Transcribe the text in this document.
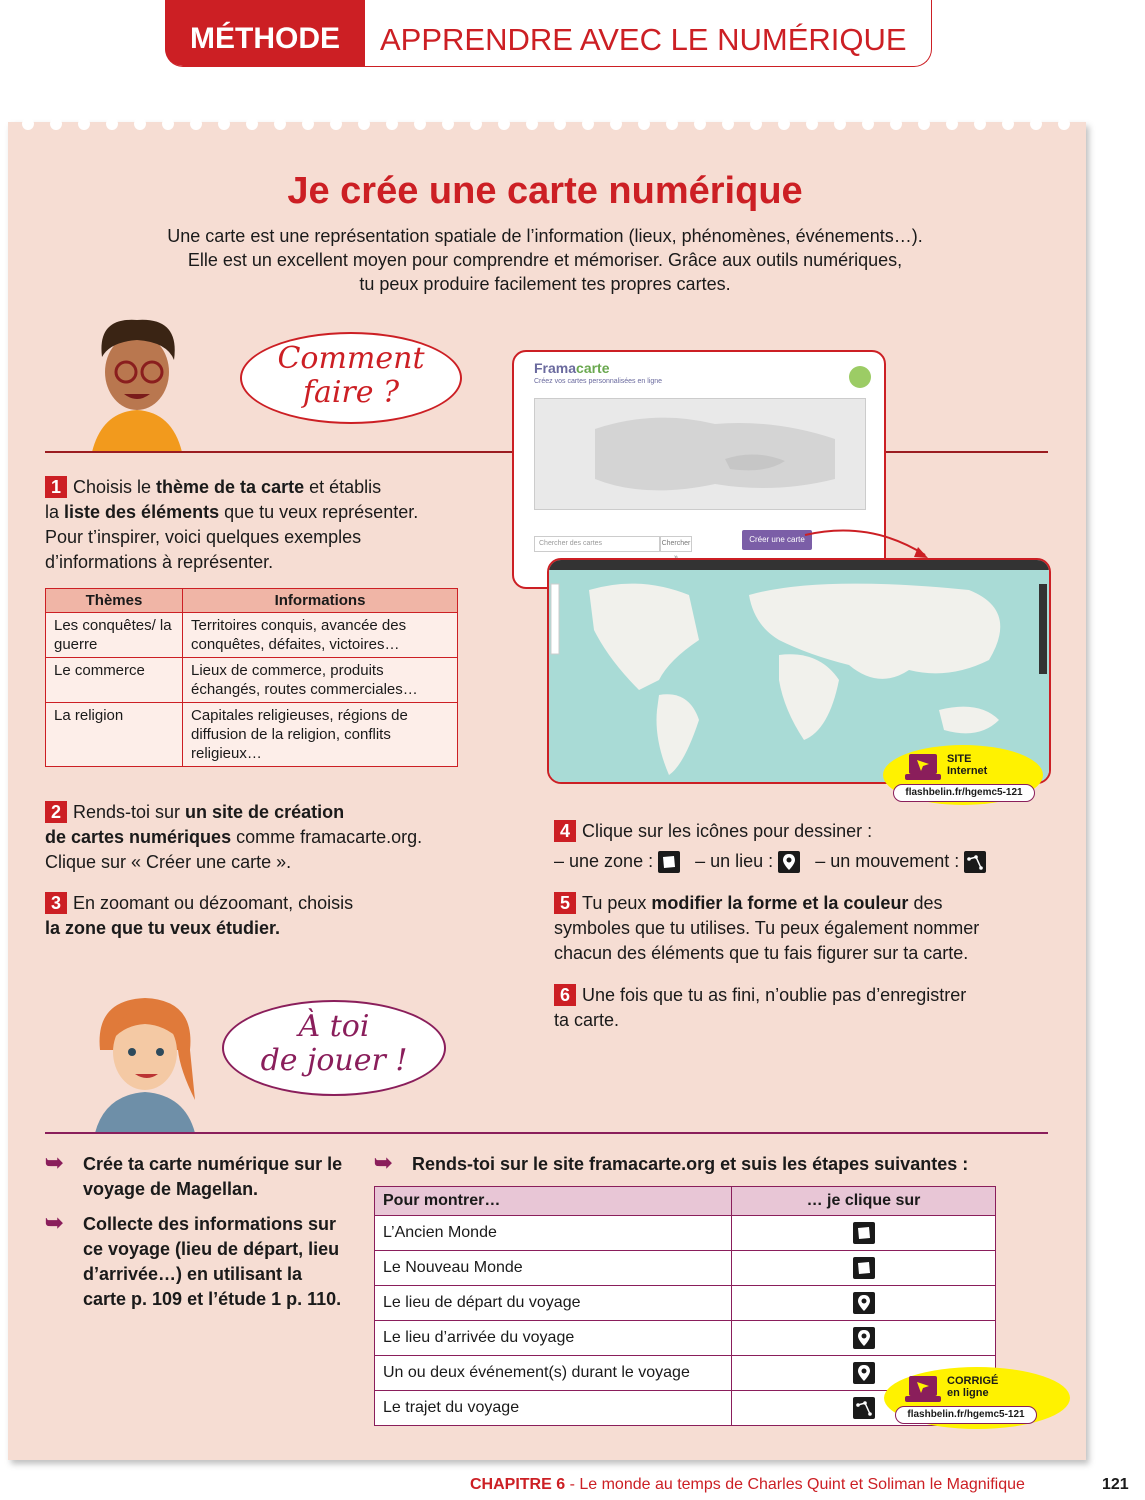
MÉTHODE	APPRENDRE AVEC LE NUMÉRIQUE
Je crée une carte numérique
Une carte est une représentation spatiale de l’information (lieux, phénomènes, événements…).
Elle est un excellent moyen pour comprendre et mémoriser. Grâce aux outils numériques,
tu peux produire facilement tes propres cartes.
Comment
faire ?
1 Choisis le thème de ta carte et établis
la liste des éléments que tu veux représenter.
Pour t’inspirer, voici quelques exemples
d’informations à représenter.
Thèmes	Informations
Les conquêtes/ la guerre	Territoires conquis, avancée des conquêtes, défaites, victoires…
Le commerce	Lieux de commerce, produits échangés, routes commerciales…
La religion	Capitales religieuses, régions de diffusion de la religion, conflits religieux…
2 Rends-toi sur un site de création
de cartes numériques comme framacarte.org.
Clique sur « Créer une carte ».
3 En zoomant ou dézoomant, choisis
la zone que tu veux étudier.
Framacarte
Créez vos cartes personnalisées en ligne
Chercher des cartes	Chercher	Créer une carte
SITE
Internet
flashbelin.fr/hgemc5-121
4 Clique sur les icônes pour dessiner :
– une zone : – un lieu : – un mouvement :
5 Tu peux modifier la forme et la couleur des
symboles que tu utilises. Tu peux également nommer
chacun des éléments que tu fais figurer sur ta carte.
6 Une fois que tu as fini, n’oublie pas d’enregistrer
ta carte.
À toi
de jouer !
➥ Crée ta carte numérique sur le voyage de Magellan.
➥ Collecte des informations sur ce voyage (lieu de départ, lieu d’arrivée…) en utilisant la carte p. 109 et l’étude 1 p. 110.
➥ Rends-toi sur le site framacarte.org et suis les étapes suivantes :
Pour montrer…	… je clique sur
L’Ancien Monde	

Le Nouveau Monde	

Le lieu de départ du voyage	

Le lieu d’arrivée du voyage	

Un ou deux événement(s) durant le voyage	

Le trajet du voyage	
CORRIGÉ
en ligne
flashbelin.fr/hgemc5-121
CHAPITRE 6 - Le monde au temps de Charles Quint et Soliman le Magnifique	121
